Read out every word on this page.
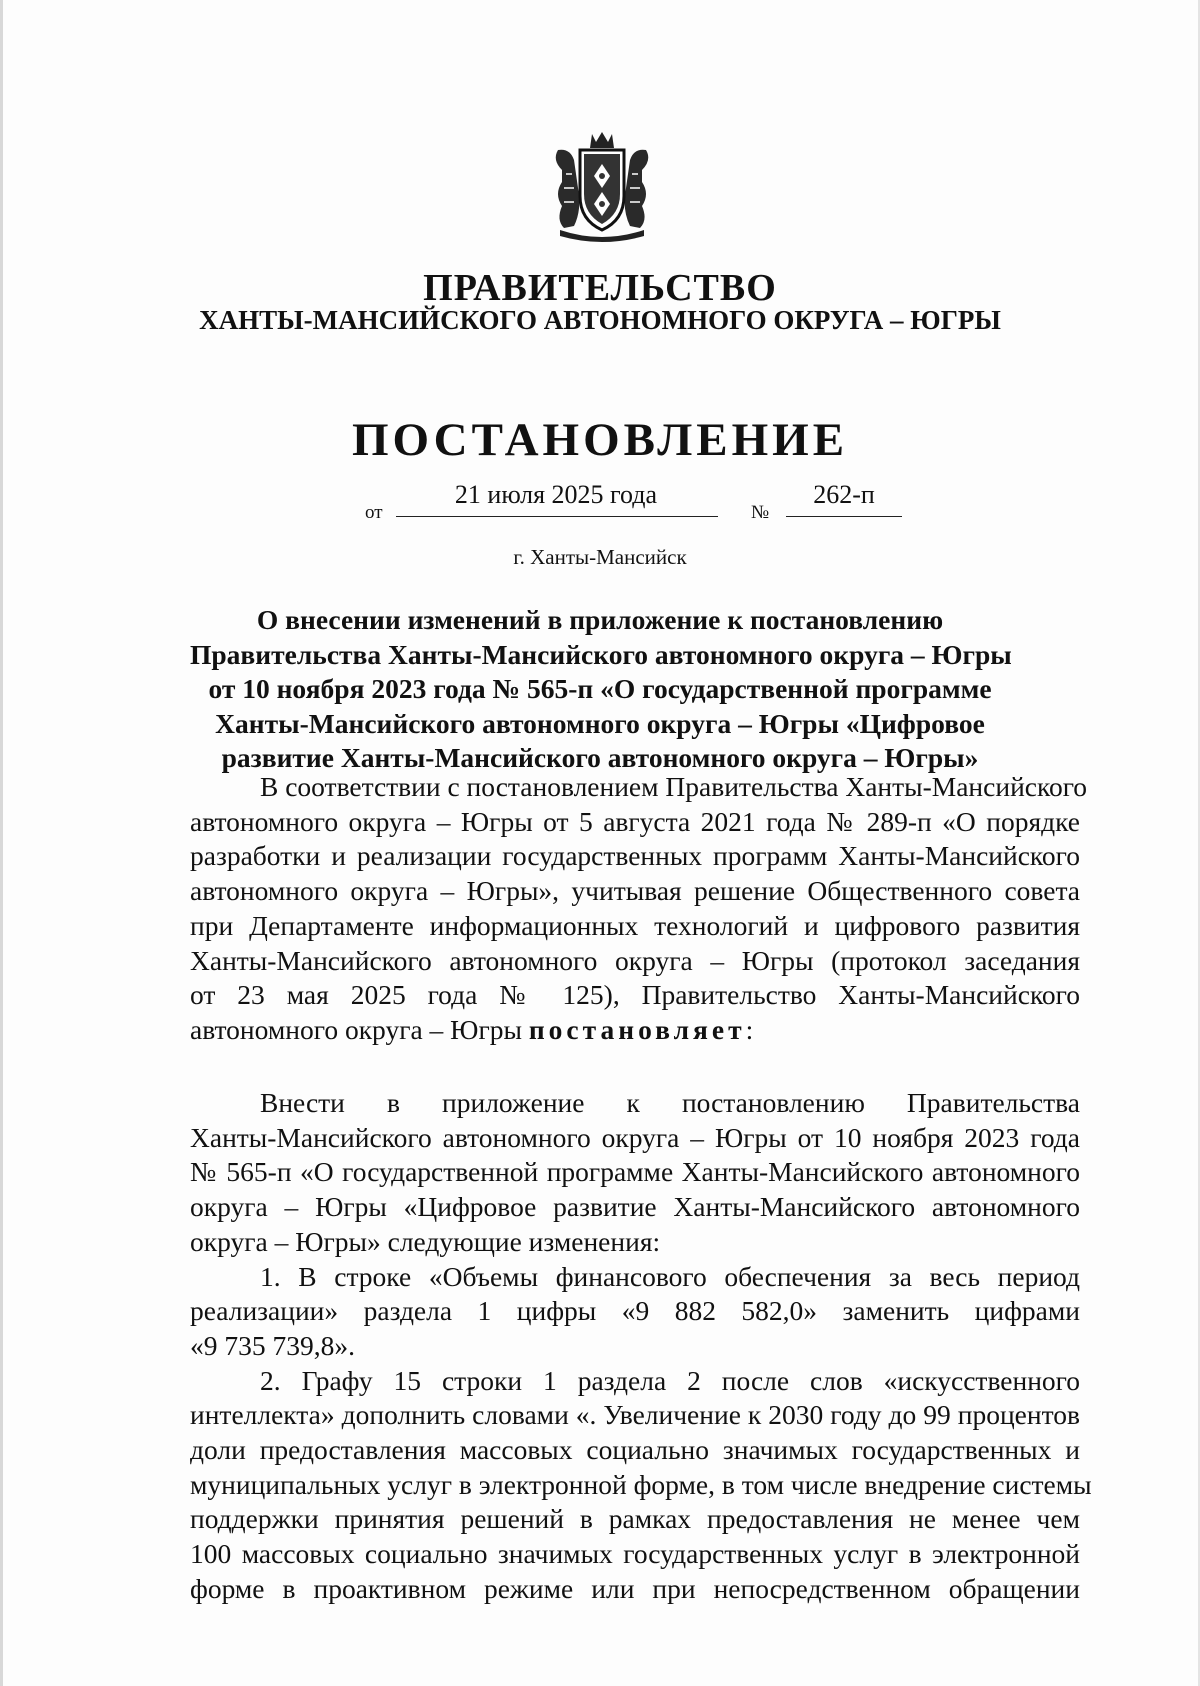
ПРАВИТЕЛЬСТВО
ХАНТЫ-МАНСИЙСКОГО АВТОНОМНОГО ОКРУГА – ЮГРЫ
ПОСТАНОВЛЕНИЕ
от
21 июля 2025 года
№
262-п
г. Ханты-Мансийск
О внесении изменений в приложение к постановлению
Правительства Ханты-Мансийского автономного округа – Югры
от 10 ноября 2023 года № 565-п «О государственной программе
Ханты-Мансийского автономного округа – Югры «Цифровое
развитие Ханты-Мансийского автономного округа – Югры»
В соответствии с постановлением Правительства Ханты-Мансийского
автономного округа – Югры от 5 августа 2021 года № 289-п «О порядке
разработки и реализации государственных программ Ханты-Мансийского
автономного округа – Югры», учитывая решение Общественного совета
при Департаменте информационных технологий и цифрового развития
Ханты-Мансийского автономного округа – Югры (протокол заседания
от 23 мая 2025 года № 125), Правительство Ханты-Мансийского
автономного округа – Югры постановляет:
Внести в приложение к постановлению Правительства
Ханты-Мансийского автономного округа – Югры от 10 ноября 2023 года
№ 565-п «О государственной программе Ханты-Мансийского автономного
округа – Югры «Цифровое развитие Ханты-Мансийского автономного
округа – Югры» следующие изменения:
1. В строке «Объемы финансового обеспечения за весь период
реализации» раздела 1 цифры «9 882 582,0» заменить цифрами
«9 735 739,8».
2. Графу 15 строки 1 раздела 2 после слов «искусственного
интеллекта» дополнить словами «. Увеличение к 2030 году до 99 процентов
доли предоставления массовых социально значимых государственных и
муниципальных услуг в электронной форме, в том числе внедрение системы
поддержки принятия решений в рамках предоставления не менее чем
100 массовых социально значимых государственных услуг в электронной
форме в проактивном режиме или при непосредственном обращении
